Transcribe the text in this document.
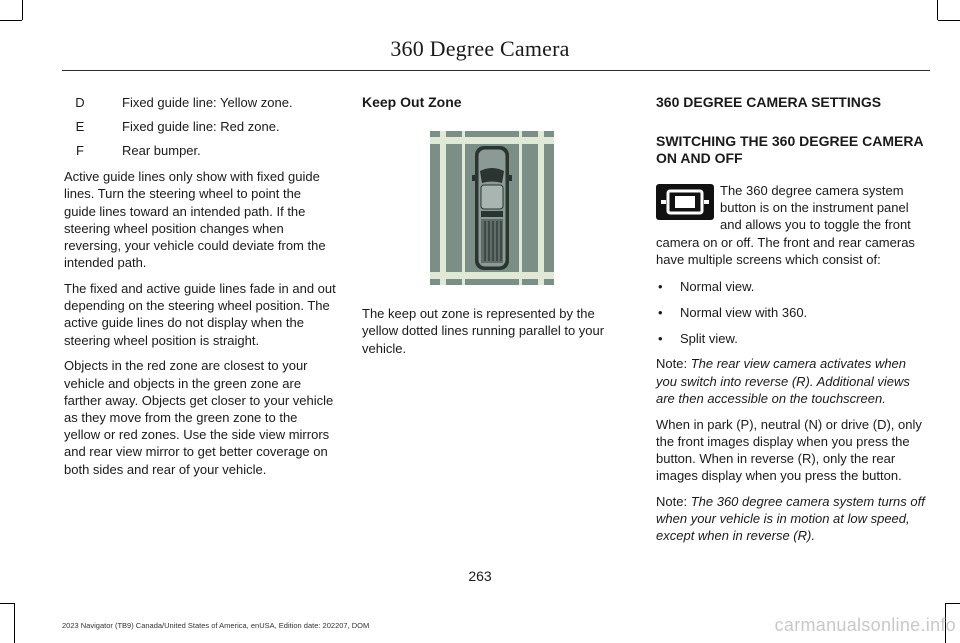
360 Degree Camera
D	Fixed guide line: Yellow zone.
E	Fixed guide line: Red zone.
F	Rear bumper.

Active guide lines only show with fixed guide lines. Turn the steering wheel to point the guide lines toward an intended path. If the steering wheel position changes when reversing, your vehicle could deviate from the intended path.

The fixed and active guide lines fade in and out depending on the steering wheel position. The active guide lines do not display when the steering wheel position is straight.

Objects in the red zone are closest to your vehicle and objects in the green zone are farther away. Objects get closer to your vehicle as they move from the green zone to the yellow or red zones. Use the side view mirrors and rear view mirror to get better coverage on both sides and rear of your vehicle.

Keep Out Zone

The keep out zone is represented by the yellow dotted lines running parallel to your vehicle.

360 DEGREE CAMERA SETTINGS
SWITCHING THE 360 DEGREE CAMERA ON AND OFF
The 360 degree camera system button is on the instrument panel and allows you to toggle the front camera on or off. The front and rear cameras have multiple screens which consist of:
•	Normal view.
•	Normal view with 360.
•	Split view.

Note: The rear view camera activates when you switch into reverse (R). Additional views are then accessible on the touchscreen.

When in park (P), neutral (N) or drive (D), only the front images display when you press the button. When in reverse (R), only the rear images display when you press the button.

Note: The 360 degree camera system turns off when your vehicle is in motion at low speed, except when in reverse (R).

263
2023 Navigator (TB9) Canada/United States of America, enUSA, Edition date: 202207, DOM	carmanualsonline.info
